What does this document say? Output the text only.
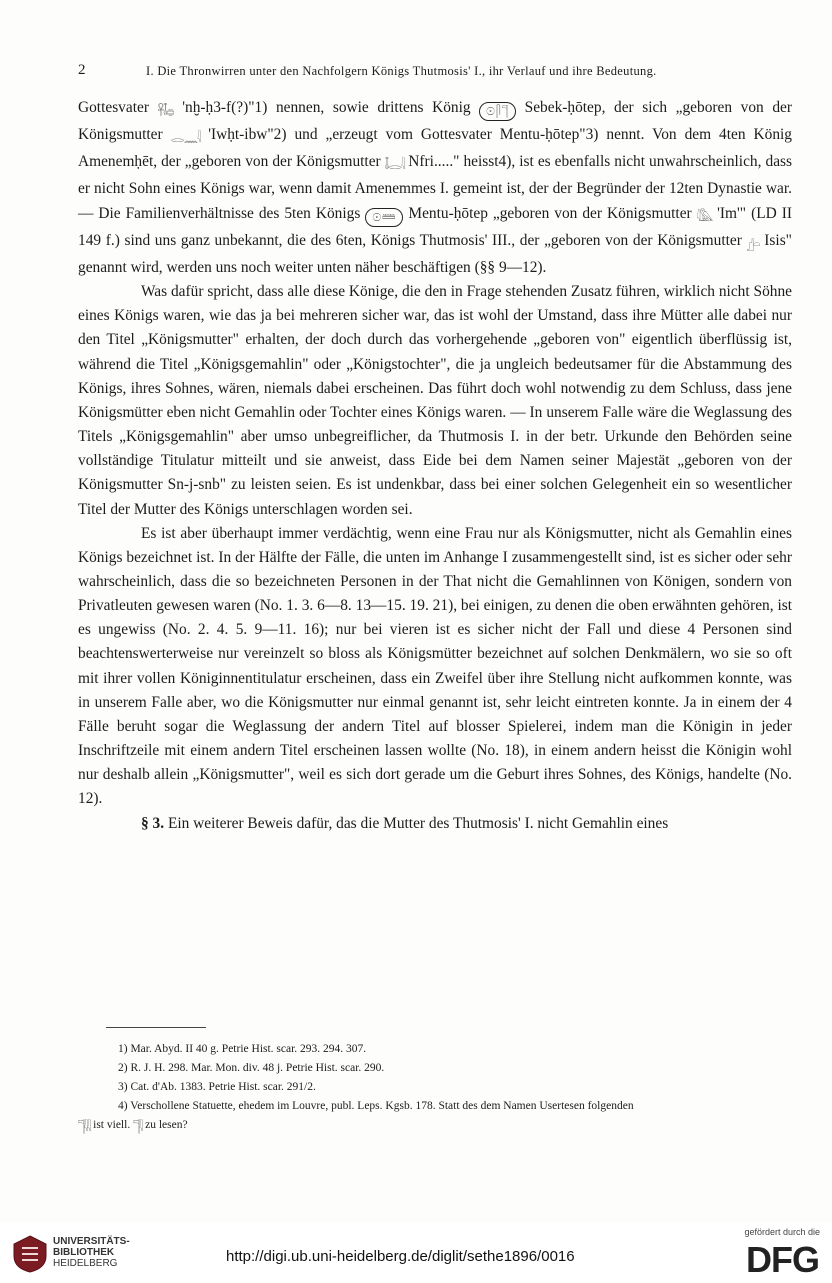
2	I. Die Thronwirren unter den Nachfolgern Königs Thutmosis' I., ihr Verlauf und ihre Bedeutung.

Gottesvater 𓋹𓄤𓐍 'nḫ-ḥ3-f(?)"1) nennen, sowie drittens König 𓇳𓋴𓊹 Sebek-ḥōtep, der sich „geboren von der Königsmutter 𓂋𓈖𓇋 'Iwḥt-ibw"2) und „erzeugt vom Gottesvater Mentu-ḥōtep"3) nennt. Von dem 4ten König Amenemḥēt, der „geboren von der Königsmutter 𓄤𓂋𓇋 Nfri....." heisst4), ist es ebenfalls nicht unwahrscheinlich, dass er nicht Sohn eines Königs war, wenn damit Amenemmes I. gemeint ist, der der Begründer der 12ten Dynastie war. — Die Familienverhältnisse des 5ten Königs 𓇳𓏠 Mentu-ḥōtep „geboren von der Königsmutter 𓇋𓅓 'Im'" (LD II 149 f.) sind uns ganz unbekannt, die des 6ten, Königs Thutmosis' III., der „geboren von der Königsmutter 𓊨𓏏 Isis" genannt wird, werden uns noch weiter unten näher beschäftigen (§§ 9—12).

Was dafür spricht, dass alle diese Könige, die den in Frage stehenden Zusatz führen, wirklich nicht Söhne eines Königs waren, wie das ja bei mehreren sicher war, das ist wohl der Umstand, dass ihre Mütter alle dabei nur den Titel „Königsmutter" erhalten, der doch durch das vorhergehende „geboren von" eigentlich überflüssig ist, während die Titel „Königsgemahlin" oder „Königstochter", die ja ungleich bedeutsamer für die Abstammung des Königs, ihres Sohnes, wären, niemals dabei erscheinen. Das führt doch wohl notwendig zu dem Schluss, dass jene Königsmütter eben nicht Gemahlin oder Tochter eines Königs waren. — In unserem Falle wäre die Weglassung des Titels „Königsgemahlin" aber umso unbegreiflicher, da Thutmosis I. in der betr. Urkunde den Behörden seine vollständige Titulatur mitteilt und sie anweist, dass Eide bei dem Namen seiner Majestät „geboren von der Königsmutter Sn-j-snb" zu leisten seien. Es ist undenkbar, dass bei einer solchen Gelegenheit ein so wesentlicher Titel der Mutter des Königs unterschlagen worden sei.

Es ist aber überhaupt immer verdächtig, wenn eine Frau nur als Königsmutter, nicht als Gemahlin eines Königs bezeichnet ist. In der Hälfte der Fälle, die unten im Anhange I zusammengestellt sind, ist es sicher oder sehr wahrscheinlich, dass die so bezeichneten Personen in der That nicht die Gemahlinnen von Königen, sondern von Privatleuten gewesen waren (No. 1. 3. 6—8. 13—15. 19. 21), bei einigen, zu denen die oben erwähnten gehören, ist es ungewiss (No. 2. 4. 5. 9—11. 16); nur bei vieren ist es sicher nicht der Fall und diese 4 Personen sind beachtenswerterweise nur vereinzelt so bloss als Königsmütter bezeichnet auf solchen Denkmälern, wo sie so oft mit ihrer vollen Königinnentitulatur erscheinen, dass ein Zweifel über ihre Stellung nicht aufkommen konnte, was in unserem Falle aber, wo die Königsmutter nur einmal genannt ist, sehr leicht eintreten konnte. Ja in einem der 4 Fälle beruht sogar die Weglassung der andern Titel auf blosser Spielerei, indem man die Königin in jeder Inschriftzeile mit einem andern Titel erscheinen lassen wollte (No. 18), in einem andern heisst die Königin wohl nur deshalb allein „Königsmutter", weil es sich dort gerade um die Geburt ihres Sohnes, des Königs, handelte (No. 12).

§ 3. Ein weiterer Beweis dafür, das die Mutter des Thutmosis' I. nicht Gemahlin eines

1) Mar. Abyd. II 40 g. Petrie Hist. scar. 293. 294. 307.
2) R. J. H. 298. Mar. Mon. div. 48 j. Petrie Hist. scar. 290.
3) Cat. d'Ab. 1383. Petrie Hist. scar. 291/2.
4) Verschollene Statuette, ehedem im Louvre, publ. Leps. Kgsb. 178. Statt des dem Namen Usertesen folgenden
𓊹𓇋𓇋 ist viell. 𓊹𓇋 zu lesen?
UNIVERSITÄTS-
BIBLIOTHEK
HEIDELBERG	http://digi.ub.uni-heidelberg.de/diglit/sethe1896/0016
gefördert durch die
DFG
